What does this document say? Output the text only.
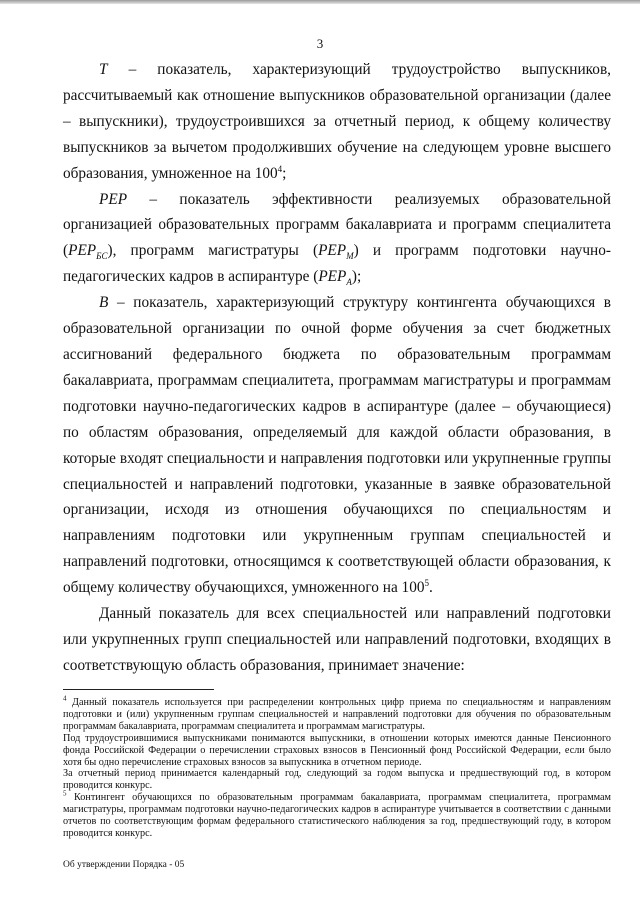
3

T – показатель, характеризующий трудоустройство выпускников, рассчитываемый как отношение выпускников образовательной организации (далее – выпускники), трудоустроившихся за отчетный период, к общему количеству выпускников за вычетом продолживших обучение на следующем уровне высшего образования, умноженное на $100^4$;

PEP – показатель эффективности реализуемых образовательной организацией образовательных программ бакалавриата и программ специалитета $(PEP_{БС})$, программ магистратуры $(PEP_M)$ и программ подготовки научно-педагогических кадров в аспирантуре $(PEP_A)$;

B – показатель, характеризующий структуру контингента обучающихся в образовательной организации по очной форме обучения за счет бюджетных ассигнований федерального бюджета по образовательным программам бакалавриата, программам специалитета, программам магистратуры и программам подготовки научно-педагогических кадров в аспирантуре (далее – обучающиеся) по областям образования, определяемый для каждой области образования, в которые входят специальности и направления подготовки или укрупненные группы специальностей и направлений подготовки, указанные в заявке образовательной организации, исходя из отношения обучающихся по специальностям и направлениям подготовки или укрупненным группам специальностей и направлений подготовки, относящимся к соответствующей области образования, к общему количеству обучающихся, умноженного на $100^5$.

Данный показатель для всех специальностей или направлений подготовки или укрупненных групп специальностей или направлений подготовки, входящих в соответствующую область образования, принимает значение:

$^4$ Данный показатель используется при распределении контрольных цифр приема по специальностям и направлениям подготовки и (или) укрупненным группам специальностей и направлений подготовки для обучения по образовательным программам бакалавриата, программам специалитета и программам магистратуры.

Под трудоустроившимися выпускниками понимаются выпускники, в отношении которых имеются данные Пенсионного фонда Российской Федерации о перечислении страховых взносов в Пенсионный фонд Российской Федерации, если было хотя бы одно перечисление страховых взносов за выпускника в отчетном периоде.

За отчетный период принимается календарный год, следующий за годом выпуска и предшествующий год, в котором проводится конкурс.

$^5$ Контингент обучающихся по образовательным программам бакалавриата, программам специалитета, программам магистратуры, программам подготовки научно-педагогических кадров в аспирантуре учитывается в соответствии с данными отчетов по соответствующим формам федерального статистического наблюдения за год, предшествующий году, в котором проводится конкурс.

Об утверждении Порядка - 05
